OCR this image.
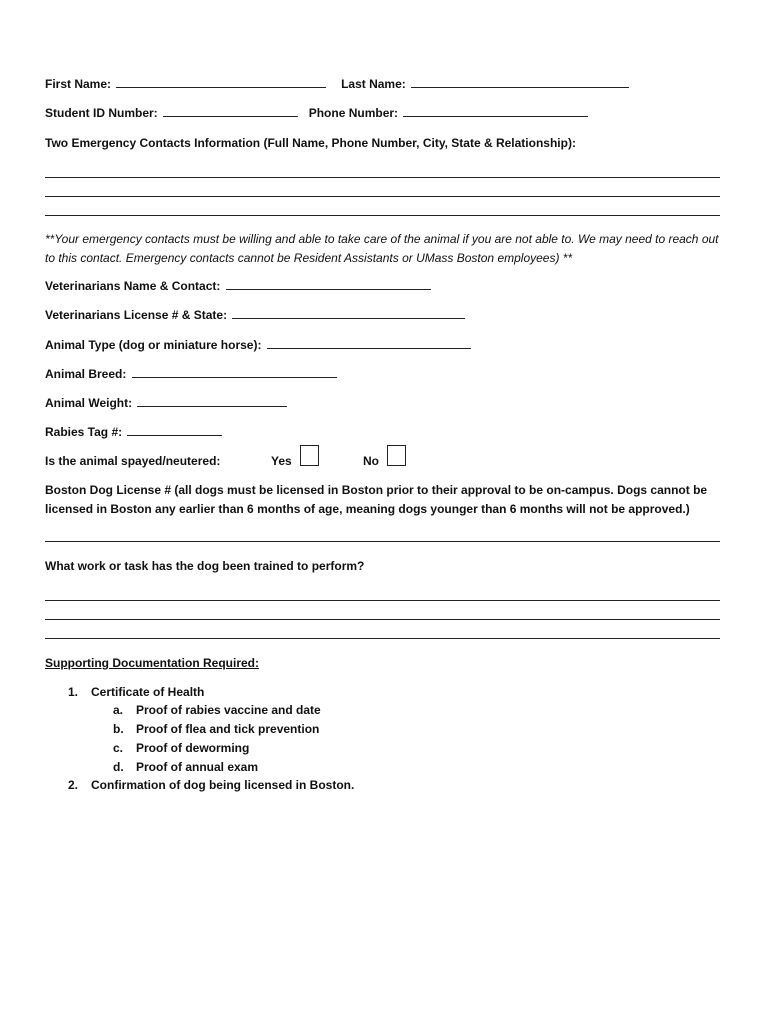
First Name:	Last Name:
Student ID Number:	Phone Number:
Two Emergency Contacts Information (Full Name, Phone Number, City, State & Relationship):
**Your emergency contacts must be willing and able to take care of the animal if you are not able to. We may need to reach out to this contact. Emergency contacts cannot be Resident Assistants or UMass Boston employees) **
Veterinarians Name & Contact:
Veterinarians License # & State:
Animal Type (dog or miniature horse):
Animal Breed:
Animal Weight:
Rabies Tag #:
Is the animal spayed/neutered:	Yes	No
Boston Dog License # (all dogs must be licensed in Boston prior to their approval to be on-campus. Dogs cannot be licensed in Boston any earlier than 6 months of age, meaning dogs younger than 6 months will not be approved.)
What work or task has the dog been trained to perform?
Supporting Documentation Required:
1. Certificate of Health
a. Proof of rabies vaccine and date
b. Proof of flea and tick prevention
c. Proof of deworming
d. Proof of annual exam
2. Confirmation of dog being licensed in Boston.
